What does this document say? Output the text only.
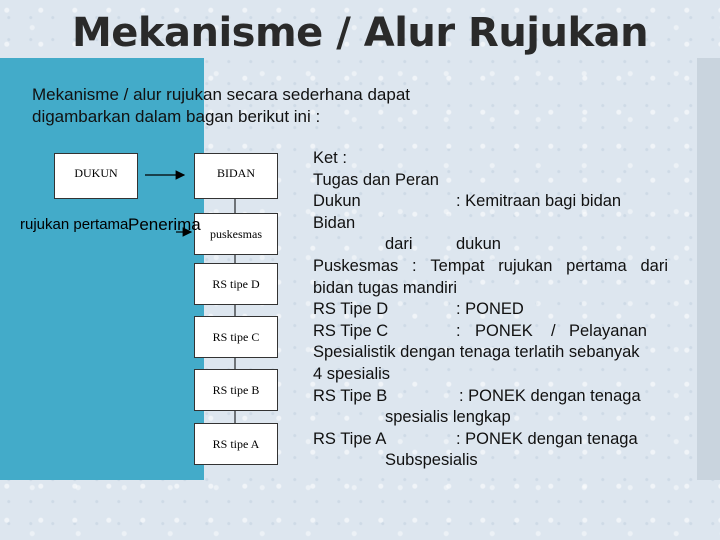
Mekanisme / Alur Rujukan
Mekanisme / alur rujukan secara sederhana dapat digambarkan dalam bagan berikut ini :
DUKUN	BIDAN
puskesmas
RS tipe D
RS tipe C
RS tipe B
RS tipe A
rujukan pertama Penerima
Ket :
Tugas dan Peran
Dukun	: Kemitraan bagi bidan
Bidan
dari	dukun
Puskesmas : Tempat rujukan pertama dari
bidan tugas mandiri
RS Tipe D	: PONED
RS Tipe C	: PONEK / Pelayanan
Spesialistik dengan tenaga terlatih sebanyak
4 spesialis
RS Tipe B	: PONEK dengan tenaga
spesialis lengkap
RS Tipe A	: PONEK dengan tenaga
Subspesialis
